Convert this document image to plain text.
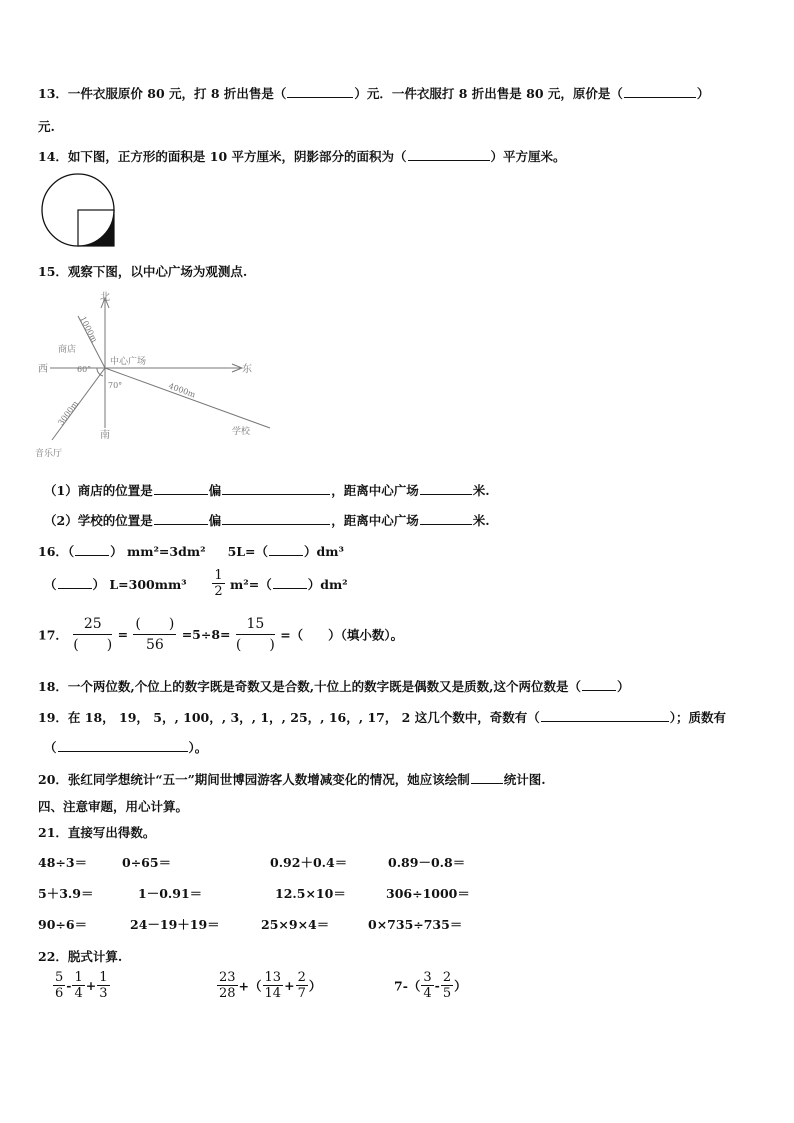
13．一件衣服原价 80 元，打 8 折出售是（	）元．一件衣服打 8 折出售是 80 元，原价是（	）
元.
14．如下图，正方形的面积是 10 平方厘米，阴影部分的面积为（	）平方厘米。
15．观察下图，以中心广场为观测点.
北
南
东
西
中心广场
商店
学校
音乐厅
60°
70°
1000m
4000m
3000m
（1）商店的位置是	偏	，距离中心广场	米.
（2）学校的位置是	偏	，距离中心广场	米.
16．（	） mm²=3dm² 5L=（	）dm³
（	） $L=300mm^3 \frac{1}{2} m^2=$（	）dm²
17． $\frac{25}{( )} = \frac{( )}{56} =5\div 8= \frac{15}{( )}$ =（　　）（填小数）。
18．一个两位数,个位上的数字既是奇数又是合数,十位上的数字既是偶数又是质数,这个两位数是（	）
19．在 18， 19， 5，, 100，, 3，, 1，, 25，, 16，, 17， 2 这几个数中，奇数有（	）；质数有
（	）。
20．张红同学想统计“五一”期间世博园游客人数增减变化的情况，她应该绘制	统计图.
四、注意审题，用心计算。
21．直接写出得数。
48÷3＝	0÷65＝	0.92＋0.4＝	0.89－0.8＝
5＋3.9＝	1－0.91＝	12.5×10＝	306÷1000＝
90÷6＝	24－19＋19＝	25×9×4＝	0×735÷735＝
22．脱式计算.
$\frac{5}{6} - \frac{1}{4} + \frac{1}{3}$	$\frac{23}{28}$ +（ $\frac{13}{14} + \frac{2}{7}$ ）	$7-( \frac{3}{4} - \frac{2}{5}$ ）
